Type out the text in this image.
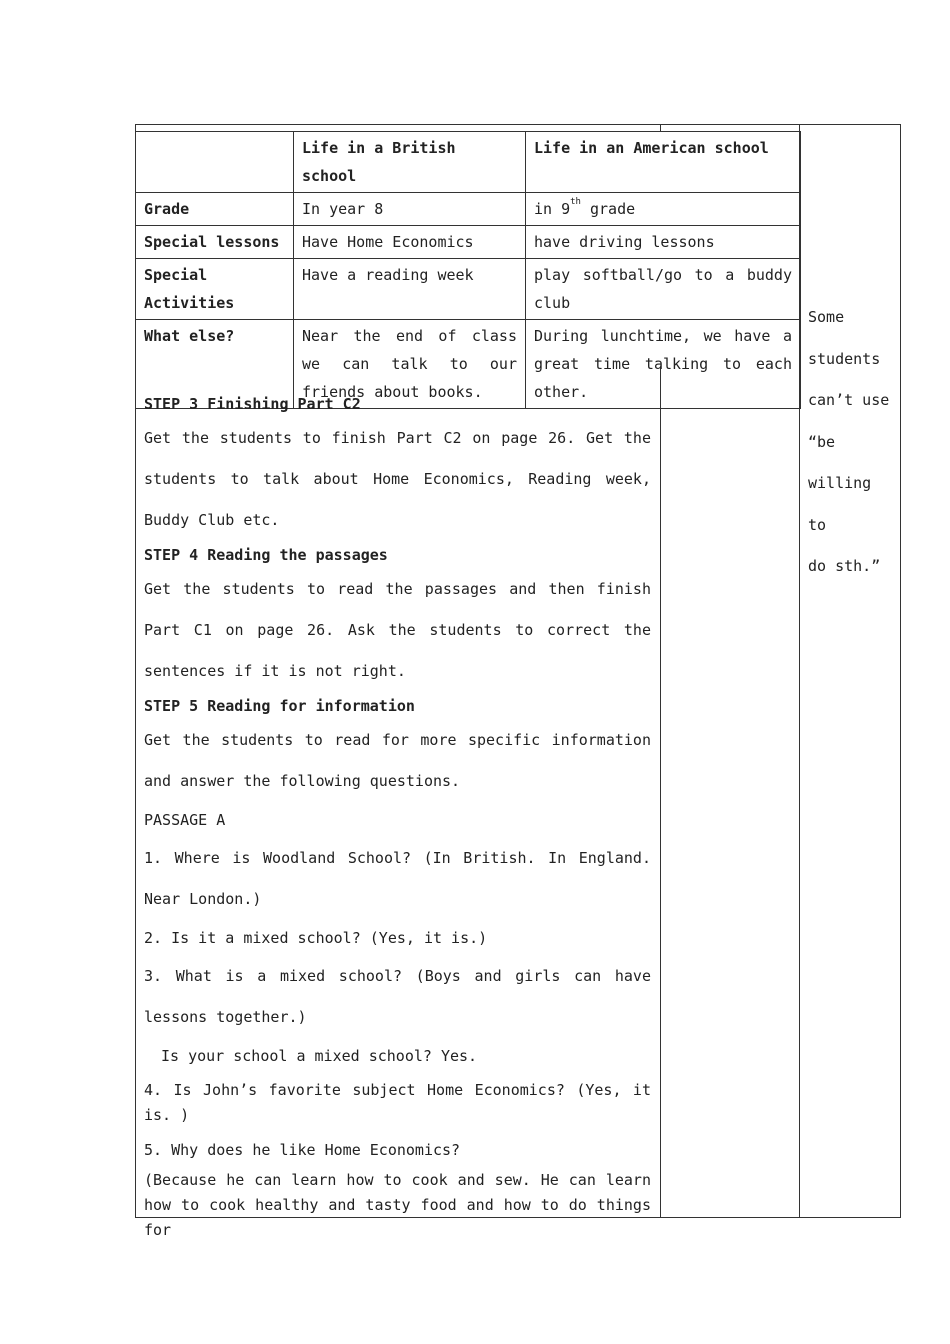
	Life in a British school	Life in an American school
Grade	In year 8	in 9th grade
Special lessons	Have Home Economics	have driving lessons
Special Activities	Have a reading week	play softball/go to a buddy club
What else?	Near the end of class we can talk to our friends about books.	During lunchtime, we have a great time talking to each other.
Some
students
can’t use
“be
willing to
do sth.”

STEP 3 Finishing Part C2

Get the students to finish Part C2 on page 26. Get the students to talk about Home Economics, Reading week, Buddy Club etc.

STEP 4 Reading the passages

Get the students to read the passages and then finish Part C1 on page 26. Ask the students to correct the sentences if it is not right.

STEP 5 Reading for information

Get the students to read for more specific information and answer the following questions.

PASSAGE A

1. Where is Woodland School? (In British. In England. Near London.)

2. Is it a mixed school? (Yes, it is.)

3. What is a mixed school? (Boys and girls can have lessons together.)

Is your school a mixed school? Yes.

4. Is John’s favorite subject Home Economics? (Yes, it is. )

5. Why does he like Home Economics?

(Because he can learn how to cook and sew. He can learn how to cook healthy and tasty food and how to do things for
